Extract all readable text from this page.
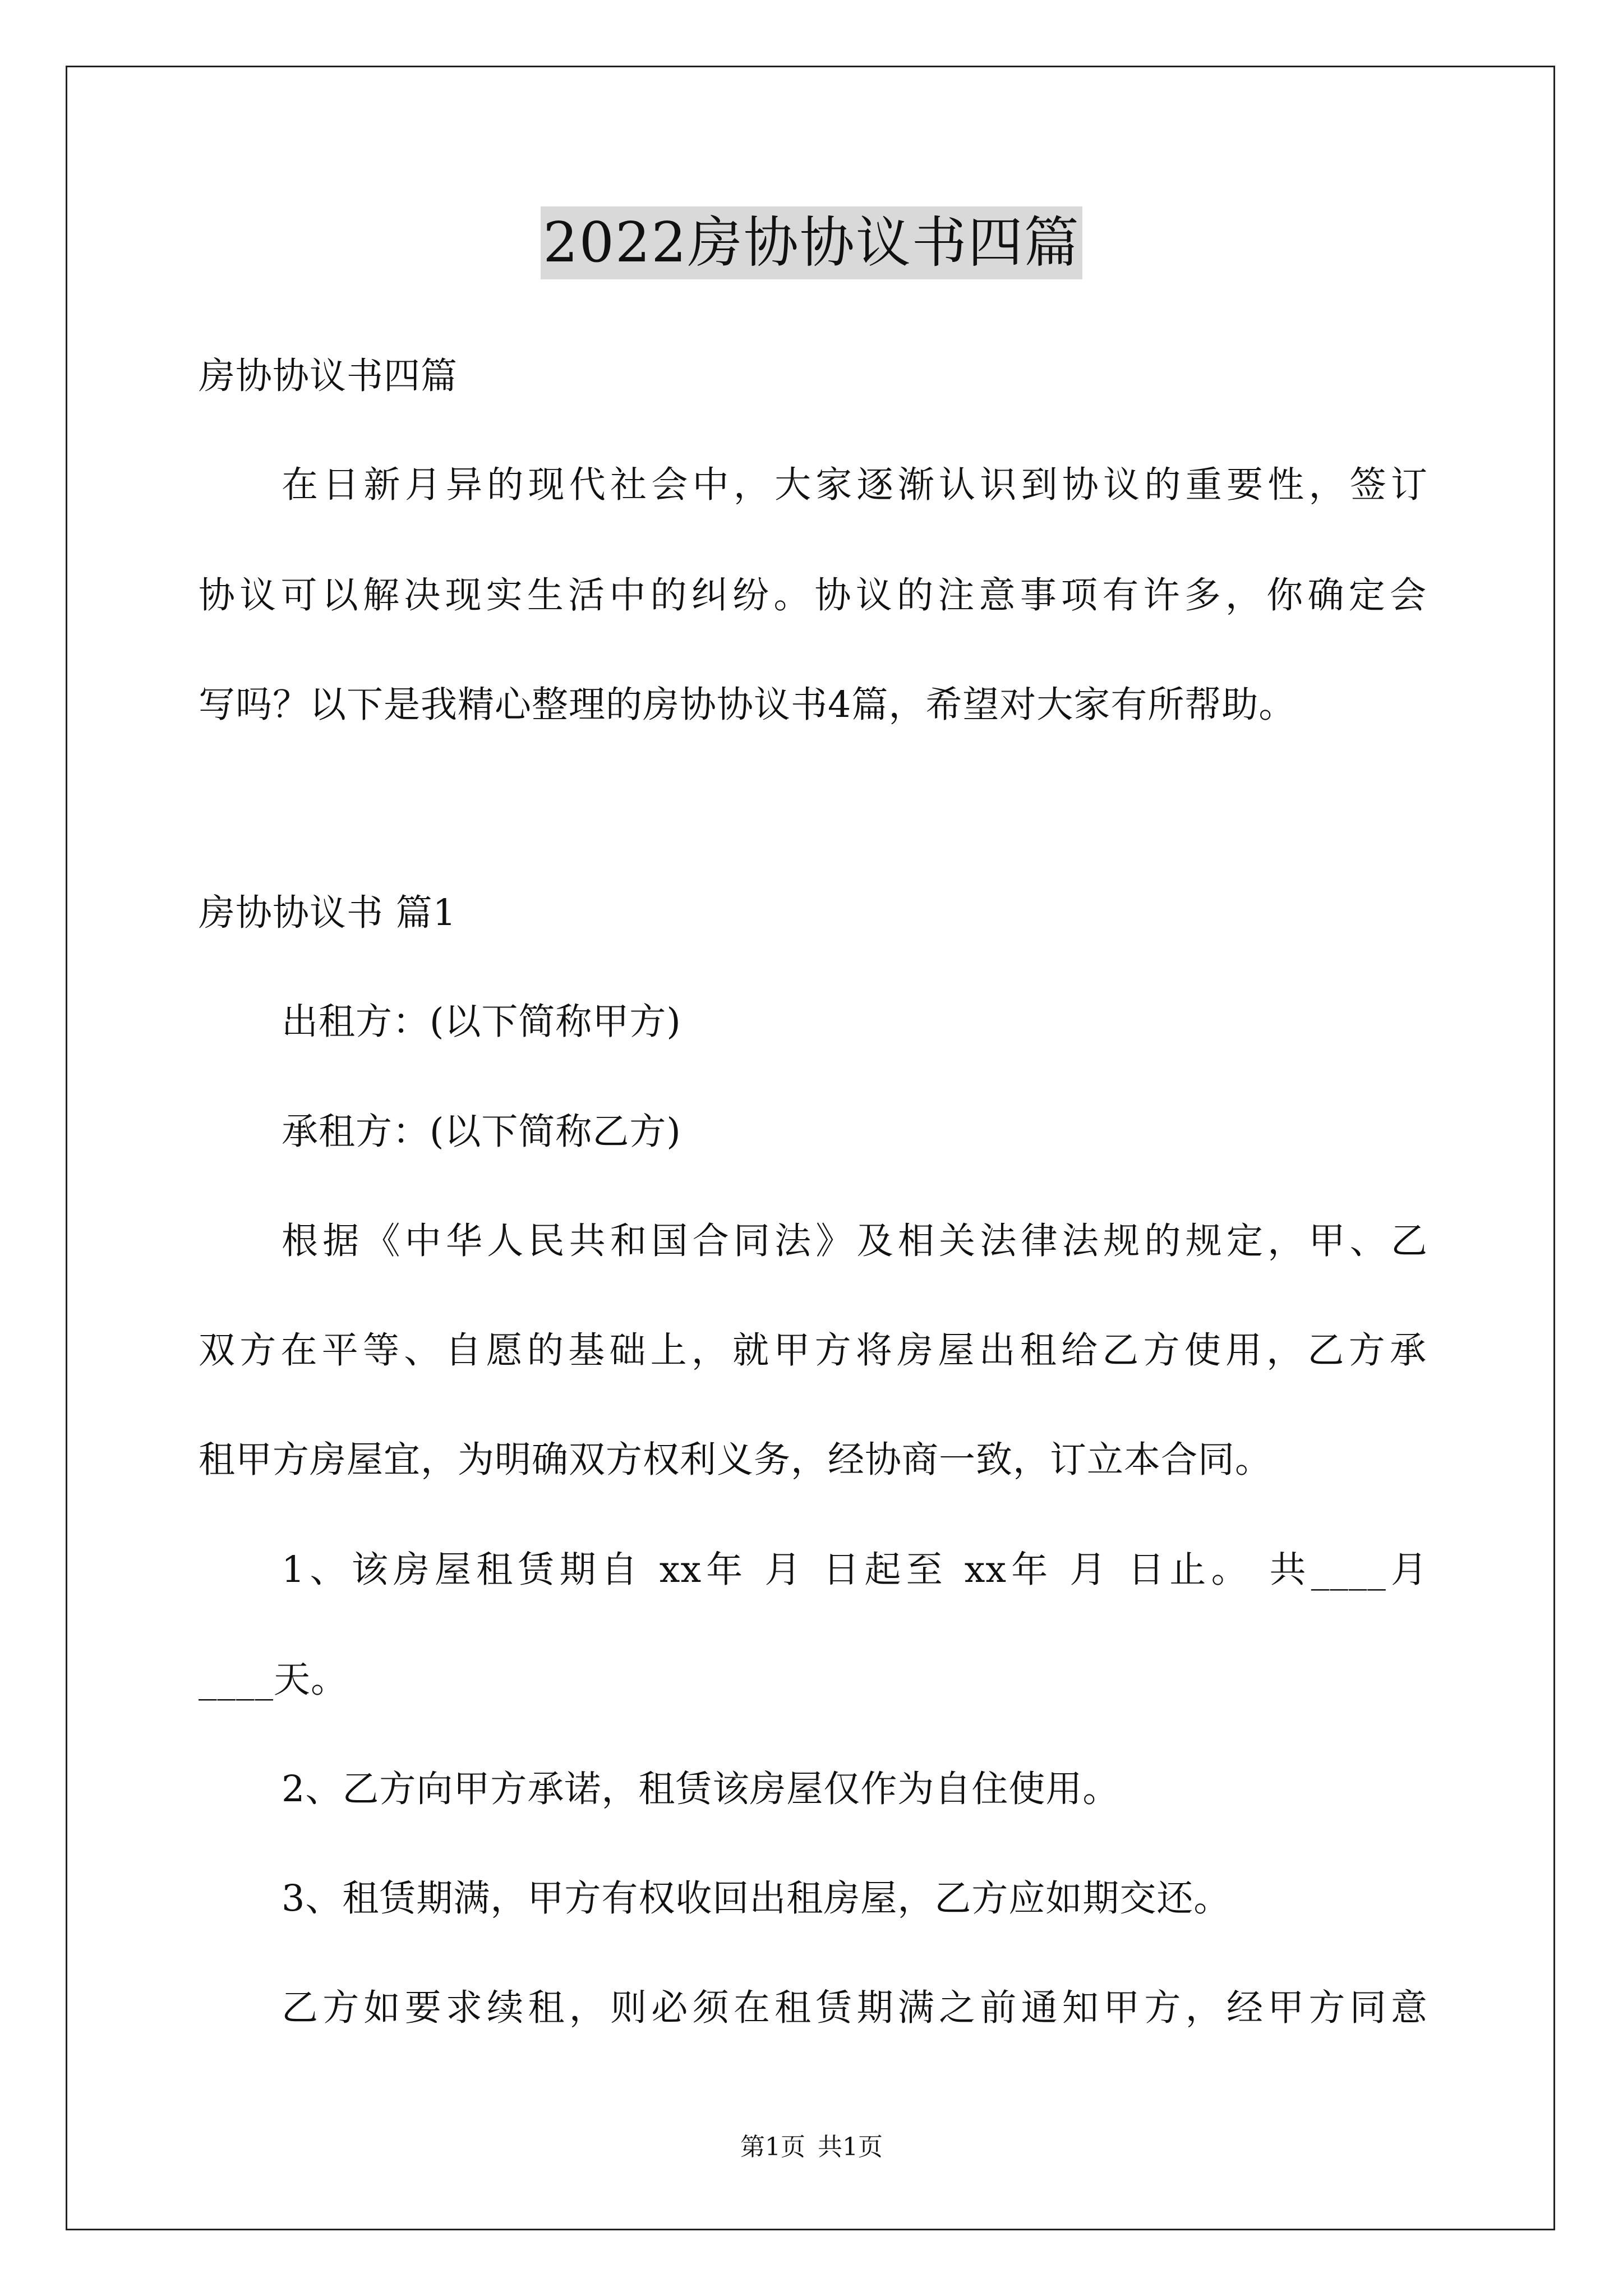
2022房协协议书四篇
房协协议书四篇
在日新月异的现代社会中，大家逐渐认识到协议的重要性，签订
协议可以解决现实生活中的纠纷。协议的注意事项有许多，你确定会
写吗？以下是我精心整理的房协协议书4篇，希望对大家有所帮助。
房协协议书 篇1
出租方：(以下简称甲方)
承租方：(以下简称乙方)
根据《中华人民共和国合同法》及相关法律法规的规定，甲、乙
双方在平等、自愿的基础上，就甲方将房屋出租给乙方使用，乙方承
租甲方房屋宜，为明确双方权利义务，经协商一致，订立本合同。
1、该房屋租赁期自 xx年 月 日起至 xx年 月 日止。 共____月
____天。
2、乙方向甲方承诺，租赁该房屋仅作为自住使用。
3、租赁期满，甲方有权收回出租房屋，乙方应如期交还。
乙方如要求续租，则必须在租赁期满之前通知甲方，经甲方同意
第1页 共1页
